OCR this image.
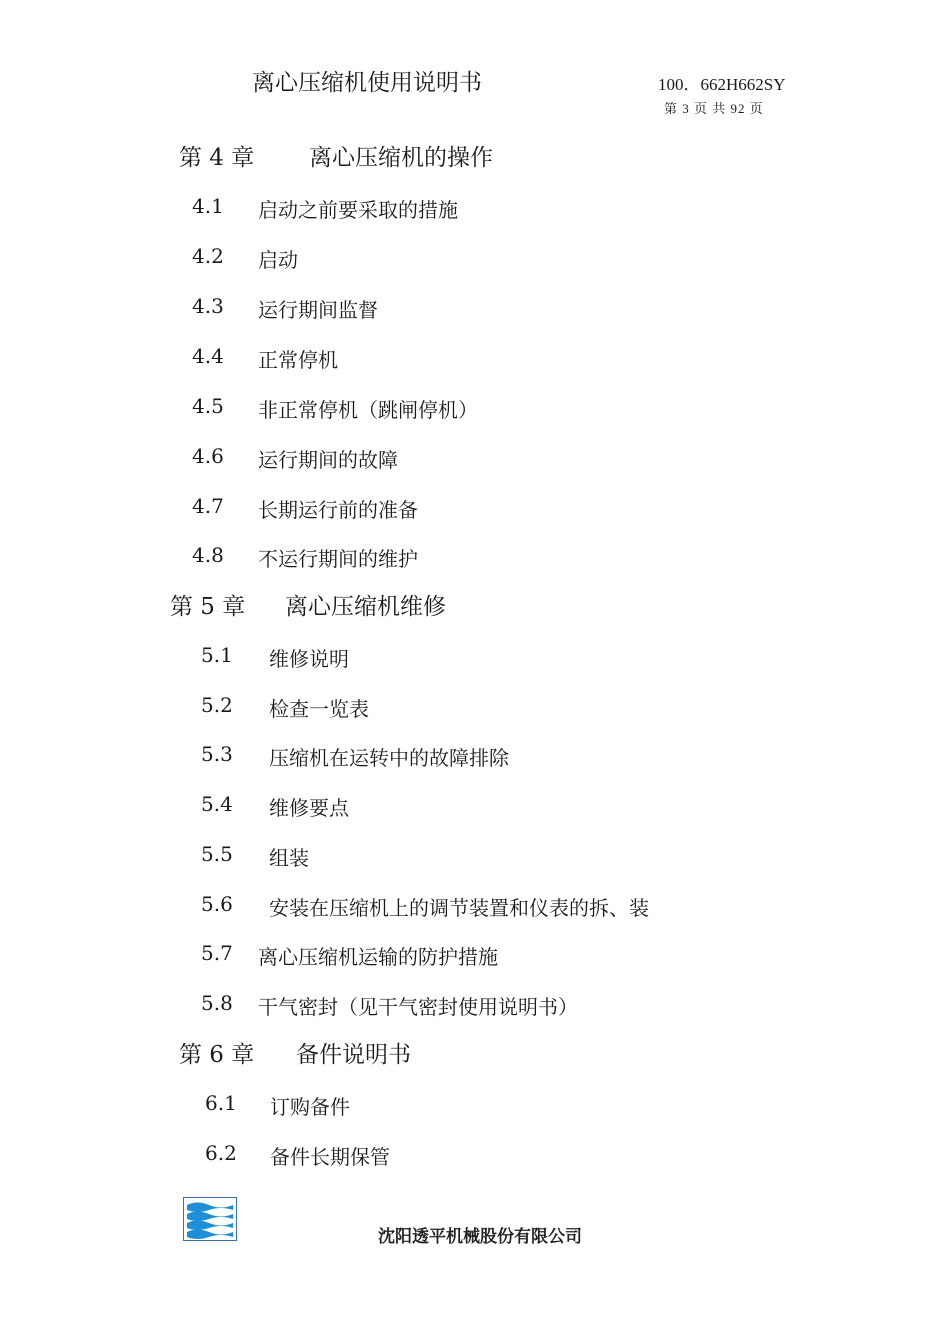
离心压缩机使用说明书	100．662H662SY
第 3 页 共 92 页
第 4 章 离心压缩机的操作
4.1 启动之前要采取的措施
4.2 启动
4.3 运行期间监督
4.4 正常停机
4.5 非正常停机（跳闸停机）
4.6 运行期间的故障
4.7 长期运行前的准备
4.8 不运行期间的维护
第 5 章 离心压缩机维修
5.1 维修说明
5.2 检查一览表
5.3 压缩机在运转中的故障排除
5.4 维修要点
5.5 组装
5.6 安装在压缩机上的调节装置和仪表的拆、装
5.7 离心压缩机运输的防护措施
5.8 干气密封（见干气密封使用说明书）
第 6 章 备件说明书
6.1 订购备件
6.2 备件长期保管
沈阳透平机械股份有限公司
